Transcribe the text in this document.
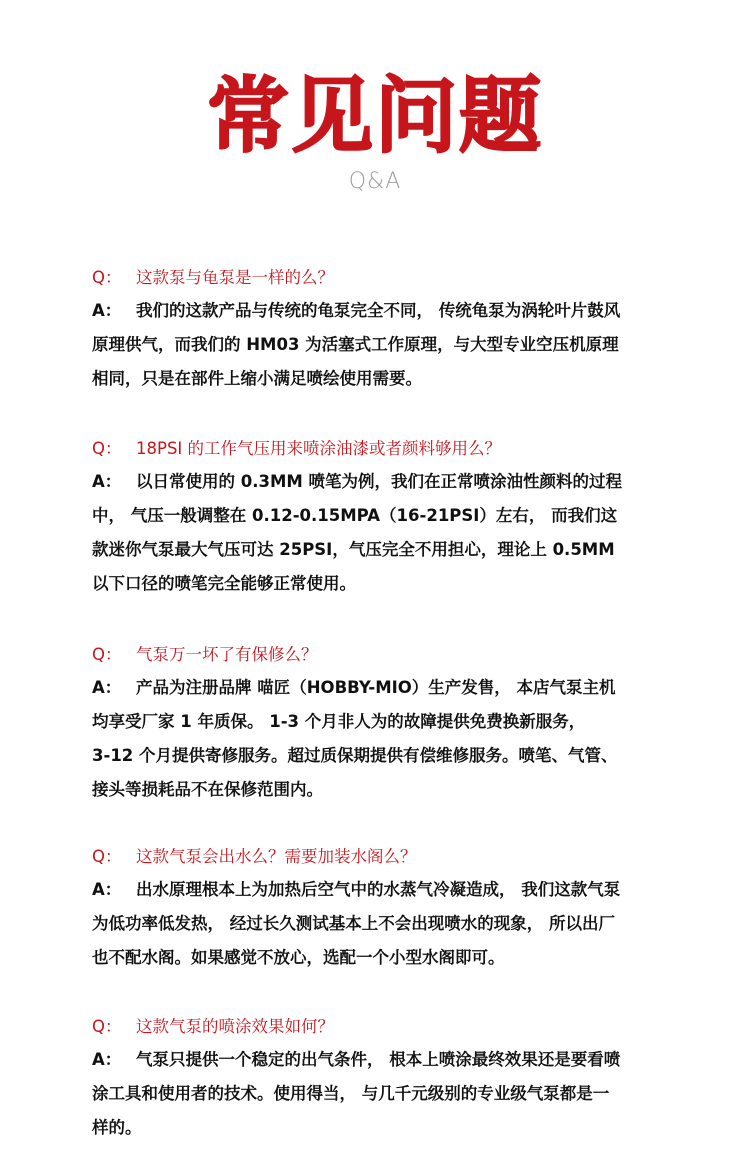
常见问题
Q&A
Q： 这款泵与龟泵是一样的么？
A： 我们的这款产品与传统的龟泵完全不同， 传统龟泵为涡轮叶片鼓风
原理供气，而我们的 HM03 为活塞式工作原理，与大型专业空压机原理
相同，只是在部件上缩小满足喷绘使用需要。
Q： 18PSI 的工作气压用来喷涂油漆或者颜料够用么？
A： 以日常使用的 0.3MM 喷笔为例，我们在正常喷涂油性颜料的过程
中， 气压一般调整在 0.12-0.15MPA（16-21PSI）左右， 而我们这
款迷你气泵最大气压可达 25PSI，气压完全不用担心，理论上 0.5MM
以下口径的喷笔完全能够正常使用。
Q： 气泵万一坏了有保修么？
A： 产品为注册品牌 喵匠（HOBBY-MIO）生产发售， 本店气泵主机
均享受厂家 1 年质保。 1-3 个月非人为的故障提供免费换新服务，
3-12 个月提供寄修服务。超过质保期提供有偿维修服务。喷笔、气管、
接头等损耗品不在保修范围内。
Q： 这款气泵会出水么？需要加装水阁么？
A： 出水原理根本上为加热后空气中的水蒸气冷凝造成， 我们这款气泵
为低功率低发热， 经过长久测试基本上不会出现喷水的现象， 所以出厂
也不配水阁。如果感觉不放心，选配一个小型水阁即可。
Q： 这款气泵的喷涂效果如何？
A： 气泵只提供一个稳定的出气条件， 根本上喷涂最终效果还是要看喷
涂工具和使用者的技术。使用得当， 与几千元级别的专业级气泵都是一
样的。
